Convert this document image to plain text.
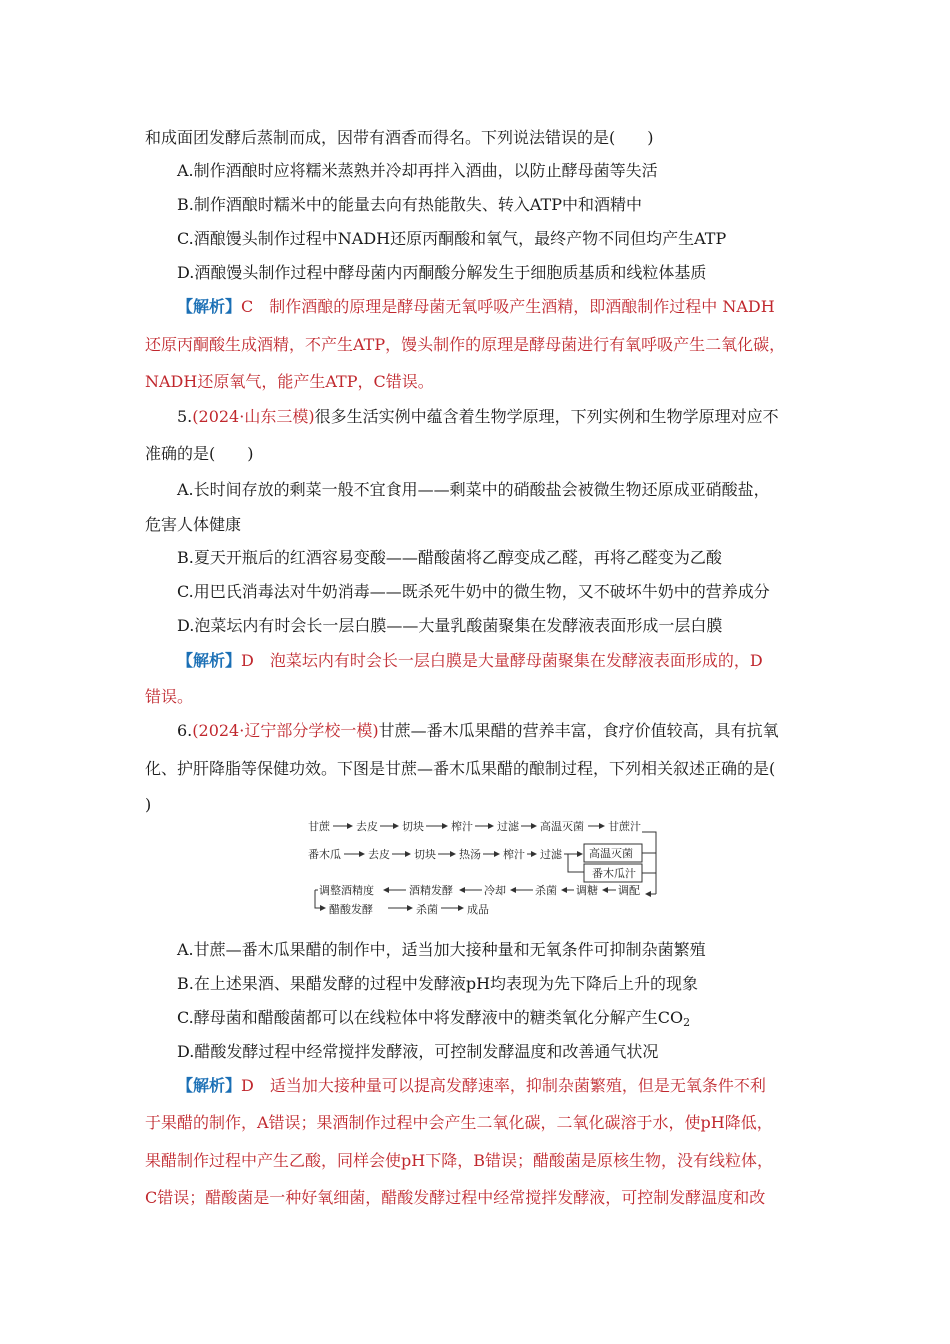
和成面团发酵后蒸制而成，因带有酒香而得名。下列说法错误的是(　　)
A.制作酒酿时应将糯米蒸熟并冷却再拌入酒曲，以防止酵母菌等失活
B.制作酒酿时糯米中的能量去向有热能散失、转入ATP中和酒精中
C.酒酿馒头制作过程中NADH还原丙酮酸和氧气，最终产物不同但均产生ATP
D.酒酿馒头制作过程中酵母菌内丙酮酸分解发生于细胞质基质和线粒体基质
【解析】C　制作酒酿的原理是酵母菌无氧呼吸产生酒精，即酒酿制作过程中 NADH
还原丙酮酸生成酒精，不产生ATP，馒头制作的原理是酵母菌进行有氧呼吸产生二氧化碳，
NADH还原氧气，能产生ATP，C错误。
5.(2024·山东三模)很多生活实例中蕴含着生物学原理，下列实例和生物学原理对应不
准确的是(　　)
A.长时间存放的剩菜一般不宜食用——剩菜中的硝酸盐会被微生物还原成亚硝酸盐，
危害人体健康
B.夏天开瓶后的红酒容易变酸——醋酸菌将乙醇变成乙醛，再将乙醛变为乙酸
C.用巴氏消毒法对牛奶消毒——既杀死牛奶中的微生物，又不破坏牛奶中的营养成分
D.泡菜坛内有时会长一层白膜——大量乳酸菌聚集在发酵液表面形成一层白膜
【解析】D　泡菜坛内有时会长一层白膜是大量酵母菌聚集在发酵液表面形成的，D
错误。
6.(2024·辽宁部分学校一模)甘蔗—番木瓜果醋的营养丰富，食疗价值较高，具有抗氧
化、护肝降脂等保健功效。下图是甘蔗—番木瓜果醋的酿制过程，下列相关叙述正确的是(
)
甘蔗 去皮 切块 榨汁 过滤 高温灭菌 甘蔗汁
番木瓜 去皮 切块 热汤 榨汁 过滤 高温灭菌
番木瓜汁
调整酒精度	酒精发酵	冷却	杀菌 调糖 调配
醋酸发酵	杀菌	成品
A.甘蔗—番木瓜果醋的制作中，适当加大接种量和无氧条件可抑制杂菌繁殖
B.在上述果酒、果醋发酵的过程中发酵液pH均表现为先下降后上升的现象
C.酵母菌和醋酸菌都可以在线粒体中将发酵液中的糖类氧化分解产生$CO_2$
D.醋酸发酵过程中经常搅拌发酵液，可控制发酵温度和改善通气状况
【解析】D　适当加大接种量可以提高发酵速率，抑制杂菌繁殖，但是无氧条件不利
于果醋的制作，A错误；果酒制作过程中会产生二氧化碳，二氧化碳溶于水，使pH降低，
果醋制作过程中产生乙酸，同样会使pH下降，B错误；醋酸菌是原核生物，没有线粒体，
C错误；醋酸菌是一种好氧细菌，醋酸发酵过程中经常搅拌发酵液，可控制发酵温度和改
